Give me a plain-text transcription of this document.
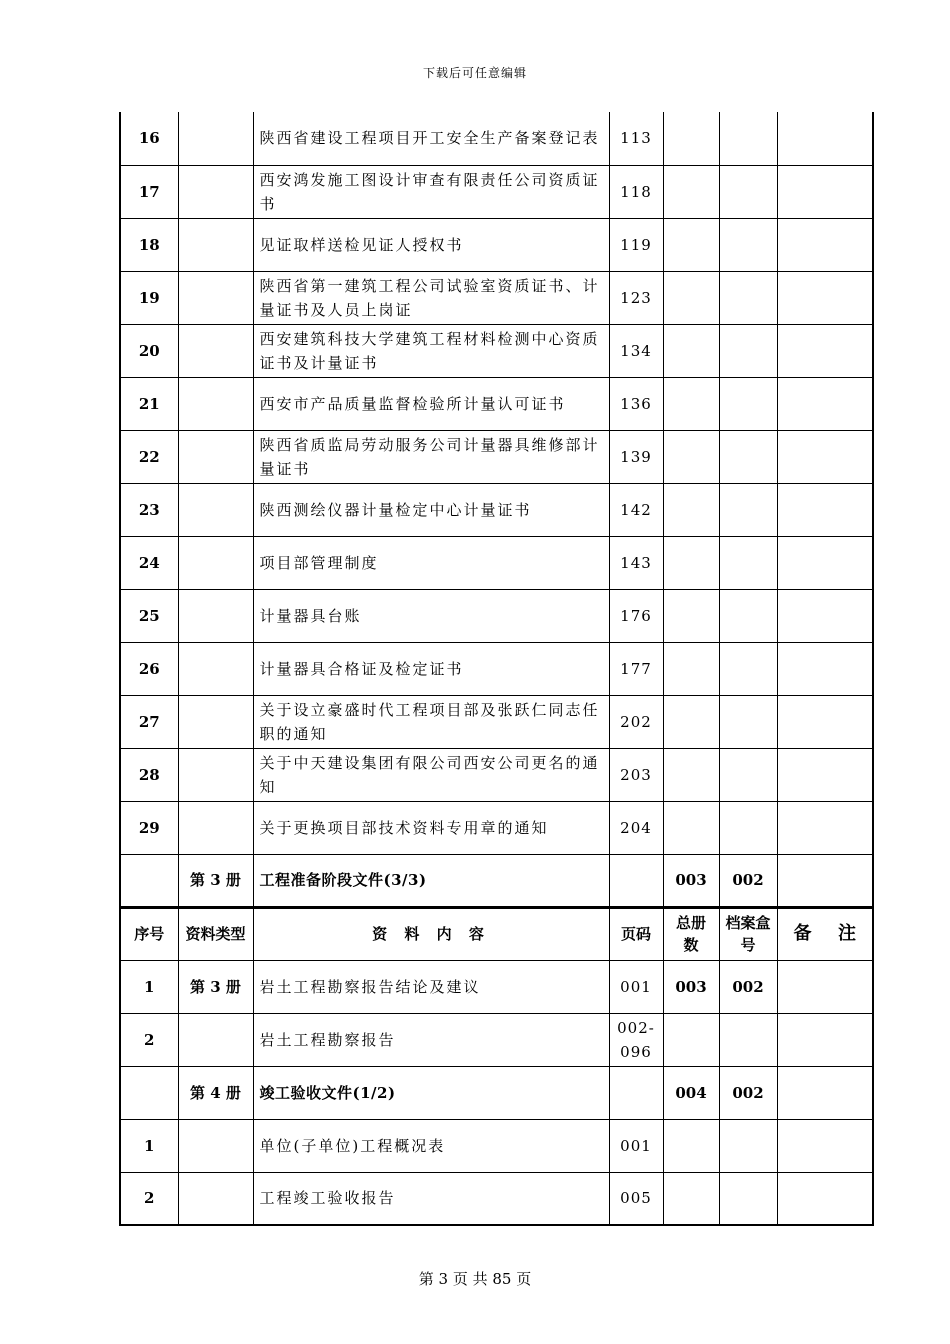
下载后可任意编辑
16		陕西省建设工程项目开工安全生产备案登记表	113			
17		西安鸿发施工图设计审查有限责任公司资质证书	118			
18		见证取样送检见证人授权书	119			
19		陕西省第一建筑工程公司试验室资质证书、计量证书及人员上岗证	123			
20		西安建筑科技大学建筑工程材料检测中心资质证书及计量证书	134			
21		西安市产品质量监督检验所计量认可证书	136			
22		陕西省质监局劳动服务公司计量器具维修部计量证书	139			
23		陕西测绘仪器计量检定中心计量证书	142			
24		项目部管理制度	143			
25		计量器具台账	176			
26		计量器具合格证及检定证书	177			
27		关于设立豪盛时代工程项目部及张跃仁同志任职的通知	202			
28		关于中天建设集团有限公司西安公司更名的通知	203			
29		关于更换项目部技术资料专用章的通知	204			
	第 3 册	工程准备阶段文件(3/3)		003	002	
序号	资料类型	资 料 内 容	页码	总册数	档案盒号	备 注
1	第 3 册	岩土工程勘察报告结论及建议	001	003	002	
2		岩土工程勘察报告	002-096			
	第 4 册	竣工验收文件(1/2)		004	002	
1		单位(子单位)工程概况表	001			
2		工程竣工验收报告	005			
第 3 页 共 85 页
